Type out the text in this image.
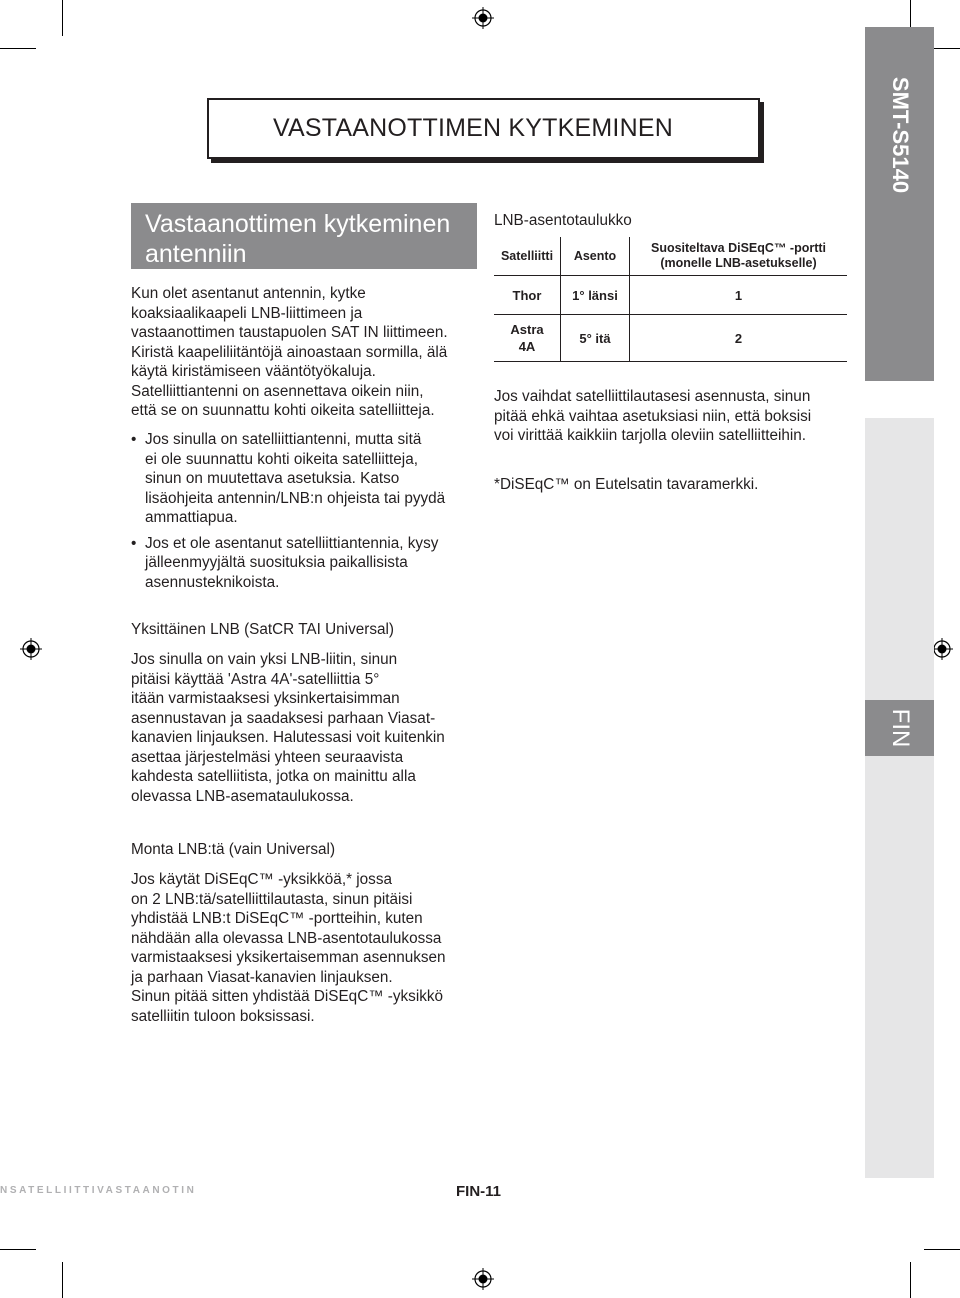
SMT-S5140
FIN
VASTAANOTTIMEN KYTKEMINEN
Vastaanottimen kytkeminen antenniin
Kun olet asentanut antennin, kytke
koaksiaalikaapeli LNB-liittimeen ja
vastaanottimen taustapuolen SAT IN liittimeen.
Kiristä kaapeliliitäntöjä ainoastaan sormilla, älä
käytä kiristämiseen vääntötyökaluja.
Satelliittiantenni on asennettava oikein niin,
että se on suunnattu kohti oikeita satelliitteja.
• Jos sinulla on satelliittiantenni, mutta sitä
ei ole suunnattu kohti oikeita satelliitteja,
sinun on muutettava asetuksia. Katso
lisäohjeita antennin/LNB:n ohjeista tai pyydä
ammattiapua.
• Jos et ole asentanut satelliittiantennia, kysy
jälleenmyyjältä suosituksia paikallisista
asennusteknikoista.
Yksittäinen LNB (SatCR TAI Universal)
Jos sinulla on vain yksi LNB-liitin, sinun
pitäisi käyttää 'Astra 4A'-satelliittia 5°
itään varmistaaksesi yksinkertaisimman
asennustavan ja saadaksesi parhaan Viasat-
kanavien linjauksen. Halutessasi voit kuitenkin
asettaa järjestelmäsi yhteen seuraavista
kahdesta satelliitista, jotka on mainittu alla
olevassa LNB-asemataulukossa.
Monta LNB:tä (vain Universal)
Jos käytät DiSEqC™ -yksikköä,* jossa
on 2 LNB:tä/satelliittilautasta, sinun pitäisi
yhdistää LNB:t DiSEqC™ -portteihin, kuten
nähdään alla olevassa LNB-asentotaulukossa
varmistaaksesi yksikertaisemman asennuksen
ja parhaan Viasat-kanavien linjauksen.
Sinun pitää sitten yhdistää DiSEqC™ -yksikkö
satelliitin tuloon boksissasi.
LNB-asentotaulukko
Satelliitti	Asento	Suositeltava DiSEqC™ -portti
(monelle LNB-asetukselle)

Thor	1° länsi	1

Astra 4A	5° itä	2
Jos vaihdat satelliittilautasesi asennusta, sinun
pitää ehkä vaihtaa asetuksiasi niin, että boksisi
voi virittää kaikkiin tarjolla oleviin satelliitteihin.
*DiSEqC™ on Eutelsatin tavaramerkki.
NSATELLIITTIVASTAANOTIN	FIN-11
